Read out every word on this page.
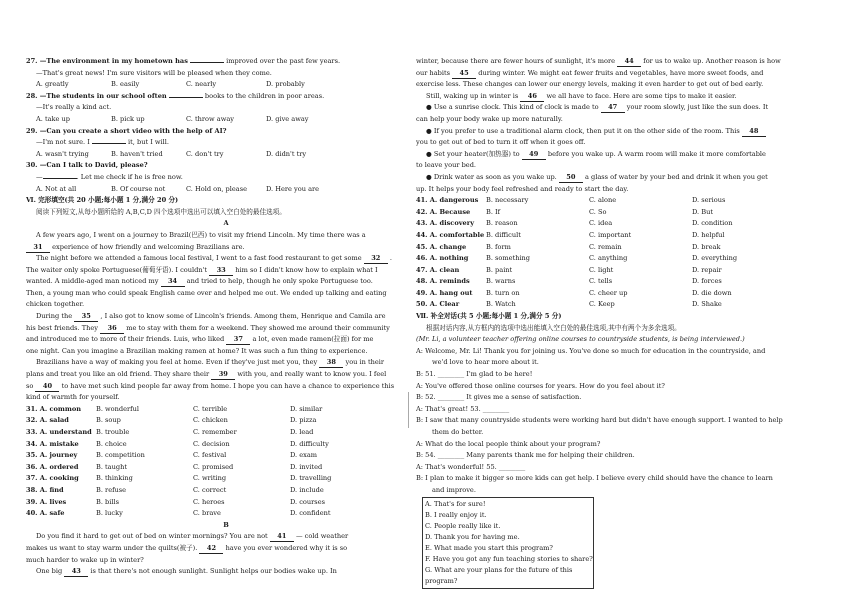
27. —The environment in my hometown has	improved over the past few years.
—That's great news! I'm sure visitors will be pleased when they come.
A. greatly	B. easily	C. nearly	D. probably
28. —The students in our school often	books to the children in poor areas.
—It's really a kind act.
A. take up	B. pick up	C. throw away	D. give away
29. —Can you create a short video with the help of AI?
—I'm not sure. I	it, but I will.
A. wasn't trying	B. haven't tried	C. don't try	D. didn't try
30. —Can I talk to David, please?
—	. Let me check if he is free now.
A. Not at all	B. Of course not	C. Hold on, please	D. Here you are
Ⅵ. 完形填空(共 20 小题;每小题 1 分,满分 20 分)
阅读下列短文,从每小题所给的 A,B,C,D 四个选项中选出可以填入空白处的最佳选项。
A
A few years ago, I went on a journey to Brazil(巴西) to visit my friend Lincoln. My time there was a
31 experience of how friendly and welcoming Brazilians are.
The night before we attended a famous local festival, I went to a fast food restaurant to get some 32 .
The waiter only spoke Portuguese(葡萄牙语). I couldn't 33 him so I didn't know how to explain what I
wanted. A middle-aged man noticed my 34 and tried to help, though he only spoke Portuguese too.
Then, a young man who could speak English came over and helped me out. We ended up talking and eating
chicken together.
During the 35 , I also got to know some of Lincoln's friends. Among them, Henrique and Camila are
his best friends. They 36 me to stay with them for a weekend. They showed me around their community
and introduced me to more of their friends. Luis, who liked 37 a lot, even made ramen(拉面) for me
one night. Can you imagine a Brazilian making ramen at home? It was such a fun thing to experience.
Brazilians have a way of making you feel at home. Even if they've just met you, they 38 you in their
plans and treat you like an old friend. They share their 39 with you, and really want to know you. I feel
so 40 to have met such kind people far away from home. I hope you can have a chance to experience this
kind of warmth for yourself.
31. A. common	B. wonderful	C. terrible	D. similar
32. A. salad	B. soup	C. chicken	D. pizza
33. A. understand B. trouble	C. remember	D. lead
34. A. mistake	B. choice	C. decision	D. difficulty
35. A. journey	B. competition	C. festival	D. exam
36. A. ordered	B. taught	C. promised	D. invited
37. A. cooking	B. thinking	C. writing	D. travelling
38. A. find	B. refuse	C. correct	D. include
39. A. lives	B. bills	C. heroes	D. courses
40. A. safe	B. lucky	C. brave	D. confident
B
Do you find it hard to get out of bed on winter mornings? You are not 41 — cold weather
makes us want to stay warm under the quilts(被子). 42 have you ever wondered why it is so
much harder to wake up in winter?
One big 43 is that there's not enough sunlight. Sunlight helps our bodies wake up. In
winter, because there are fewer hours of sunlight, it's more 44 for us to wake up. Another reason is how
our habits 45 during winter. We might eat fewer fruits and vegetables, have more sweet foods, and
exercise less. These changes can lower our energy levels, making it even harder to get out of bed early.
Still, waking up in winter is 46 we all have to face. Here are some tips to make it easier.
● Use a sunrise clock. This kind of clock is made to 47 your room slowly, just like the sun does. It
can help your body wake up more naturally.
● If you prefer to use a traditional alarm clock, then put it on the other side of the room. This 48
you to get out of bed to turn it off when it goes off.
● Set your heater(加热器) to 49 before you wake up. A warm room will make it more comfortable
to leave your bed.
● Drink water as soon as you wake up. 50 a glass of water by your bed and drink it when you get
up. It helps your body feel refreshed and ready to start the day.
41. A. dangerous	B. necessary	C. alone	D. serious
42. A. Because	B. If	C. So	D. But
43. A. discovery	B. reason	C. idea	D. condition
44. A. comfortable B. difficult	C. important	D. helpful
45. A. change	B. form	C. remain	D. break
46. A. nothing	B. something	C. anything	D. everything
47. A. clean	B. paint	C. light	D. repair
48. A. reminds	B. warns	C. tells	D. forces
49. A. hang out	B. turn on	C. cheer up	D. die down
50. A. Clear	B. Watch	C. Keep	D. Shake
Ⅶ. 补全对话(共 5 小题;每小题 1 分,满分 5 分)
根据对话内容,从方框内的选项中选出能填入空白处的最佳选项,其中有两个为多余选项。
(Mr. Li, a volunteer teacher offering online courses to countryside students, is being interviewed.)
A: Welcome, Mr. Li! Thank you for joining us. You've done so much for education in the countryside, and
we'd love to hear more about it.
B: 51. ________ I'm glad to be here!
A: You've offered those online courses for years. How do you feel about it?
B: 52. ________ It gives me a sense of satisfaction.
A: That's great! 53. ________
B: I saw that many countryside students were working hard but didn't have enough support. I wanted to help
them do better.
A: What do the local people think about your program?
B: 54. ________ Many parents thank me for helping their children.
A: That's wonderful! 55. ________
B: I plan to make it bigger so more kids can get help. I believe every child should have the chance to learn
and improve.
A. That's for sure!
B. I really enjoy it.
C. People really like it.
D. Thank you for having me.
E. What made you start this program?
F. Have you got any fun teaching stories to share?
G. What are your plans for the future of this program?
